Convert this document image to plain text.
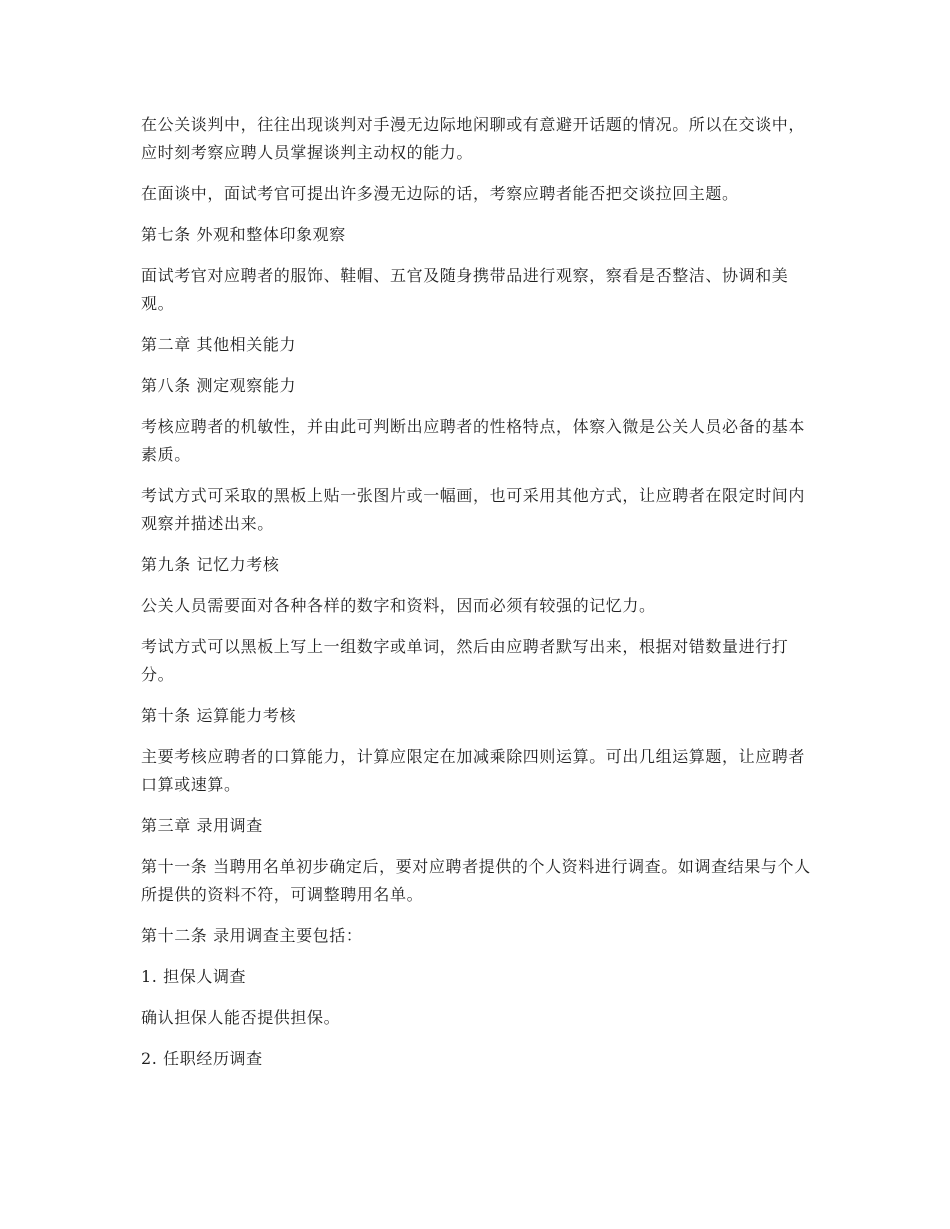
在公关谈判中，往往出现谈判对手漫无边际地闲聊或有意避开话题的情况。所以在交谈中，应时刻考察应聘人员掌握谈判主动权的能力。

在面谈中，面试考官可提出许多漫无边际的话，考察应聘者能否把交谈拉回主题。

第七条 外观和整体印象观察

面试考官对应聘者的服饰、鞋帽、五官及随身携带品进行观察，察看是否整洁、协调和美观。

第二章 其他相关能力

第八条 测定观察能力

考核应聘者的机敏性，并由此可判断出应聘者的性格特点，体察入微是公关人员必备的基本素质。

考试方式可采取的黑板上贴一张图片或一幅画，也可采用其他方式，让应聘者在限定时间内观察并描述出来。

第九条 记忆力考核

公关人员需要面对各种各样的数字和资料，因而必须有较强的记忆力。

考试方式可以黑板上写上一组数字或单词，然后由应聘者默写出来，根据对错数量进行打分。

第十条 运算能力考核

主要考核应聘者的口算能力，计算应限定在加减乘除四则运算。可出几组运算题，让应聘者口算或速算。

第三章 录用调查

第十一条 当聘用名单初步确定后，要对应聘者提供的个人资料进行调查。如调查结果与个人所提供的资料不符，可调整聘用名单。

第十二条 录用调查主要包括：

1. 担保人调查

确认担保人能否提供担保。

2. 任职经历调查
